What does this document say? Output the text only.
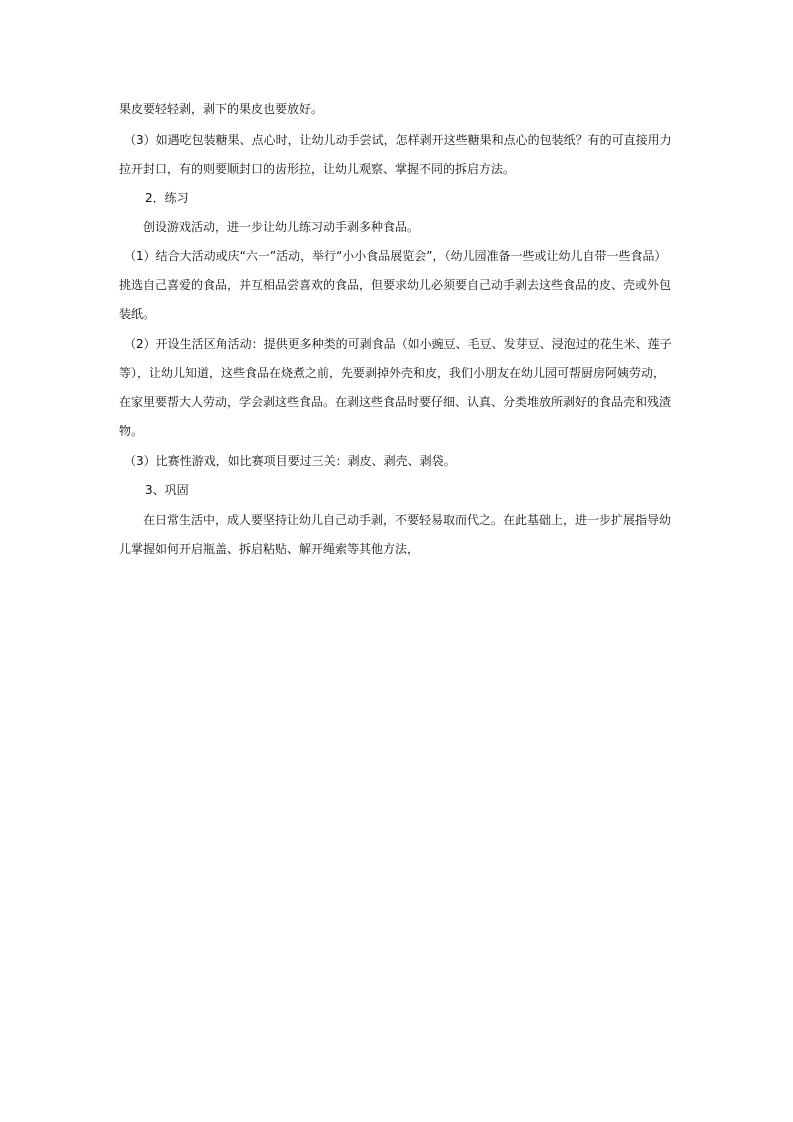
果皮要轻轻剥，剥下的果皮也要放好。
（3）如遇吃包装糖果、点心时，让幼儿动手尝试，怎样剥开这些糖果和点心的包装纸？有的可直接用力
拉开封口，有的则要顺封口的齿形拉，让幼儿观察、掌握不同的拆启方法。
2．练习
创设游戏活动，进一步让幼儿练习动手剥多种食品。
（1）结合大活动或庆“六一”活动，举行“小小食品展览会”，（幼儿园准备一些或让幼儿自带一些食品）
挑选自己喜爱的食品，并互相品尝喜欢的食品，但要求幼儿必须要自己动手剥去这些食品的皮、壳或外包
装纸。
（2）开设生活区角活动：提供更多种类的可剥食品（如小豌豆、毛豆、发芽豆、浸泡过的花生米、莲子
等），让幼儿知道，这些食品在烧煮之前，先要剥掉外壳和皮，我们小朋友在幼儿园可帮厨房阿姨劳动，
在家里要帮大人劳动，学会剥这些食品。在剥这些食品时要仔细、认真、分类堆放所剥好的食品壳和残渣
物。
（3）比赛性游戏，如比赛项目要过三关：剥皮、剥壳、剥袋。
3、巩固
在日常生活中，成人要坚持让幼儿自己动手剥，不要轻易取而代之。在此基础上，进一步扩展指导幼
儿掌握如何开启瓶盖、拆启粘贴、解开绳索等其他方法，
